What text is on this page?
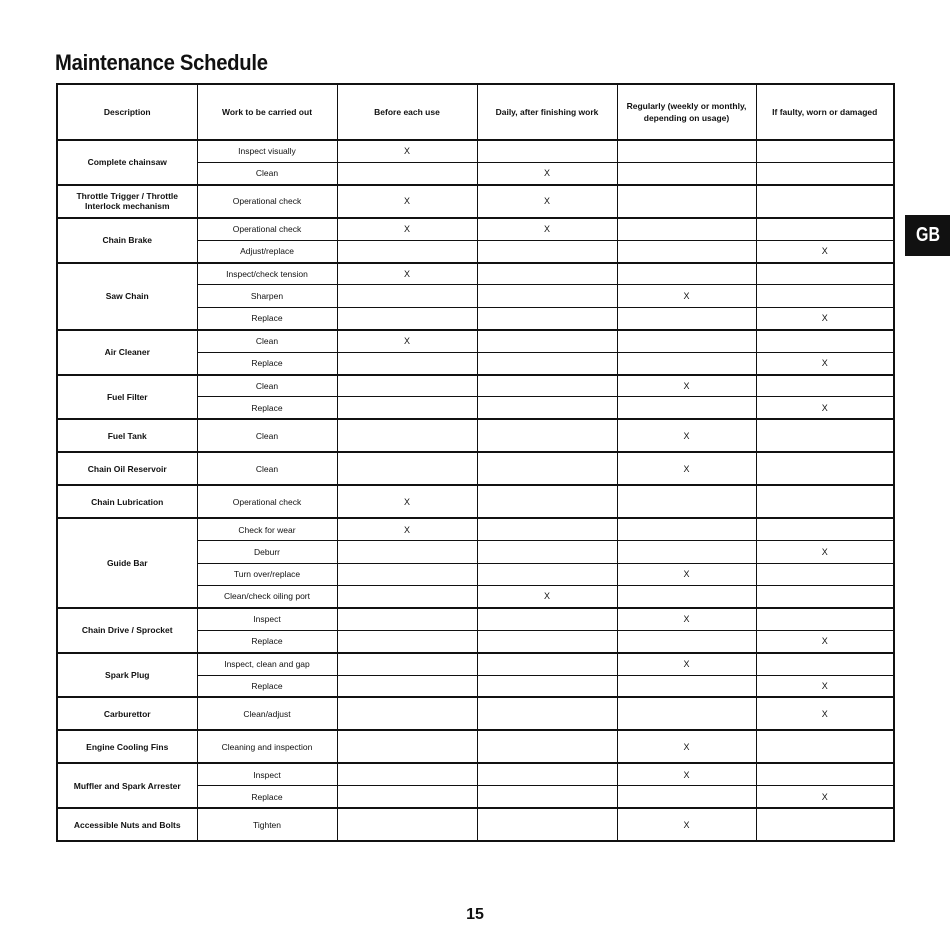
Maintenance Schedule
GB
Description	Work to be carried out	Before each use	Daily, after finishing work	Regularly (weekly or monthly, depending on usage)	If faulty, worn or damaged
Complete chainsaw	Inspect visually	X			
	Clean		X		
Throttle Trigger / Throttle Interlock mechanism	Operational check	X	X		
Chain Brake	Operational check	X	X		
	Adjust/replace				X
Saw Chain	Inspect/check tension	X			
	Sharpen			X	
	Replace				X
Air Cleaner	Clean	X			
	Replace				X
Fuel Filter	Clean			X	
	Replace				X
Fuel Tank	Clean			X	
Chain Oil Reservoir	Clean			X	
Chain Lubrication	Operational check	X			
Guide Bar	Check for wear	X			
	Deburr				X
	Turn over/replace			X	
	Clean/check oiling port		X		
Chain Drive / Sprocket	Inspect			X	
	Replace				X
Spark Plug	Inspect, clean and gap			X	
	Replace				X
Carburettor	Clean/adjust				X
Engine Cooling Fins	Cleaning and inspection			X	
Muffler and Spark Arrester	Inspect			X	
	Replace				X
Accessible Nuts and Bolts	Tighten			X	
15
